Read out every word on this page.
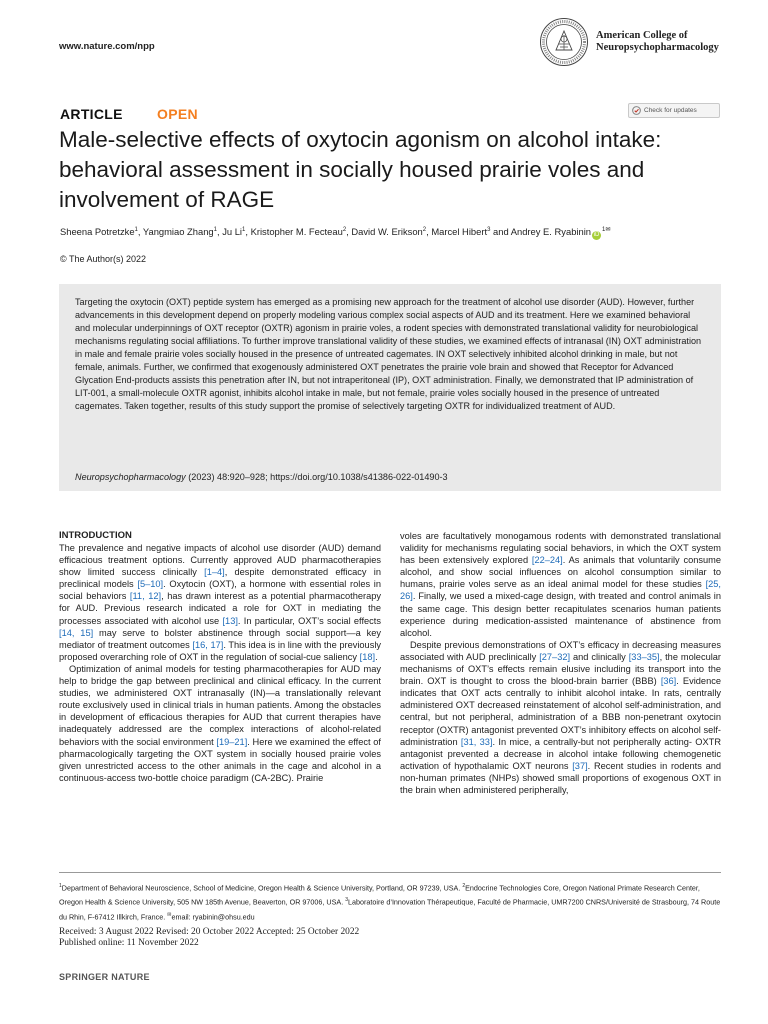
www.nature.com/npp
American College of
Neuropsychopharmacology
ARTICLE OPEN	Check for updates
Male-selective effects of oxytocin agonism on alcohol intake: behavioral assessment in socially housed prairie voles and involvement of RAGE
Sheena Potretzke$^1$, Yangmiao Zhang$^1$, Ju Li$^1$, Kristopher M. Fecteau$^2$, David W. Erikson$^2$, Marcel Hibert$^3$ and Andrey E. Ryabinin $iD^{1✉}$
© The Author(s) 2022

Targeting the oxytocin (OXT) peptide system has emerged as a promising new approach for the treatment of alcohol use disorder (AUD). However, further advancements in this development depend on properly modeling various complex social aspects of AUD and its treatment. Here we examined behavioral and molecular underpinnings of OXT receptor (OXTR) agonism in prairie voles, a rodent species with demonstrated translational validity for neurobiological mechanisms regulating social affiliations. To further improve translational validity of these studies, we examined effects of intranasal (IN) OXT administration in male and female prairie voles socially housed in the presence of untreated cagemates. IN OXT selectively inhibited alcohol drinking in male, but not female, animals. Further, we confirmed that exogenously administered OXT penetrates the prairie vole brain and showed that Receptor for Advanced Glycation End-products assists this penetration after IN, but not intraperitoneal (IP), OXT administration. Finally, we demonstrated that IP administration of LIT-001, a small-molecule OXTR agonist, inhibits alcohol intake in male, but not female, prairie voles socially housed in the presence of untreated cagemates. Taken together, results of this study support the promise of selectively targeting OXTR for individualized treatment of AUD.

Neuropsychopharmacology (2023) 48:920–928; https://doi.org/10.1038/s41386-022-01490-3
INTRODUCTION

The prevalence and negative impacts of alcohol use disorder (AUD) demand efficacious treatment options. Currently approved AUD pharmacotherapies show limited success clinically [1–4], despite demonstrated efficacy in preclinical models [5–10]. Oxytocin (OXT), a hormone with essential roles in social behaviors [11, 12], has drawn interest as a potential pharmacotherapy for AUD. Previous research indicated a role for OXT in mediating the processes associated with alcohol use [13]. In particular, OXT’s social effects [14, 15] may serve to bolster abstinence through social support—a key mediator of treatment outcomes [16, 17]. This idea is in line with the previously proposed overarching role of OXT in the regulation of social-cue saliency [18].

Optimization of animal models for testing pharmacotherapies for AUD may help to bridge the gap between preclinical and clinical efficacy. In the current studies, we administered OXT intranasally (IN)—a translationally relevant route exclusively used in clinical trials in human patients. Among the obstacles in development of efficacious therapies for AUD that current therapies have inadequately addressed are the complex interactions of alcohol-related behaviors with the social environment [19–21]. Here we examined the effect of pharmacologically targeting the OXT system in socially housed prairie voles given unrestricted access to the other animals in the cage and alcohol in a continuous-access two-bottle choice paradigm (CA-2BC). Prairie

voles are facultatively monogamous rodents with demonstrated translational validity for mechanisms regulating social behaviors, in which the OXT system has been extensively explored [22–24]. As animals that voluntarily consume alcohol, and show social influences on alcohol consumption similar to humans, prairie voles serve as an ideal animal model for these studies [25, 26]. Finally, we used a mixed-cage design, with treated and control animals in the same cage. This design better recapitulates scenarios human patients experience during medication-assisted maintenance of abstinence from alcohol.

Despite previous demonstrations of OXT’s efficacy in decreasing measures associated with AUD preclinically [27–32] and clinically [33–35], the molecular mechanisms of OXT’s effects remain elusive including its transport into the brain. OXT is thought to cross the blood-brain barrier (BBB) [36]. Evidence indicates that OXT acts centrally to inhibit alcohol intake. In rats, centrally administered OXT decreased reinstatement of alcohol self-administration, and central, but not peripheral, administration of a BBB non-penetrant oxytocin receptor (OXTR) antagonist prevented OXT’s inhibitory effects on alcohol self-administration [31, 33]. In mice, a centrally-but not peripherally acting- OXTR antagonist prevented a decrease in alcohol intake following chemogenetic activation of hypothalamic OXT neurons [37]. Recent studies in rodents and non-human primates (NHPs) showed small proportions of exogenous OXT in the brain when administered peripherally,

$^1$Department of Behavioral Neuroscience, School of Medicine, Oregon Health & Science University, Portland, OR 97239, USA. $^2$Endocrine Technologies Core, Oregon National Primate Research Center, Oregon Health & Science University, 505 NW 185th Avenue, Beaverton, OR 97006, USA. $^3$Laboratoire d’Innovation Thérapeutique, Faculté de Pharmacie, UMR7200 CNRS/Université de Strasbourg, 74 Route du Rhin, F-67412 Illkirch, France. ✉email: ryabinin@ohsu.edu

Received: 3 August 2022 Revised: 20 October 2022 Accepted: 25 October 2022
Published online: 11 November 2022
SPRINGER NATURE
